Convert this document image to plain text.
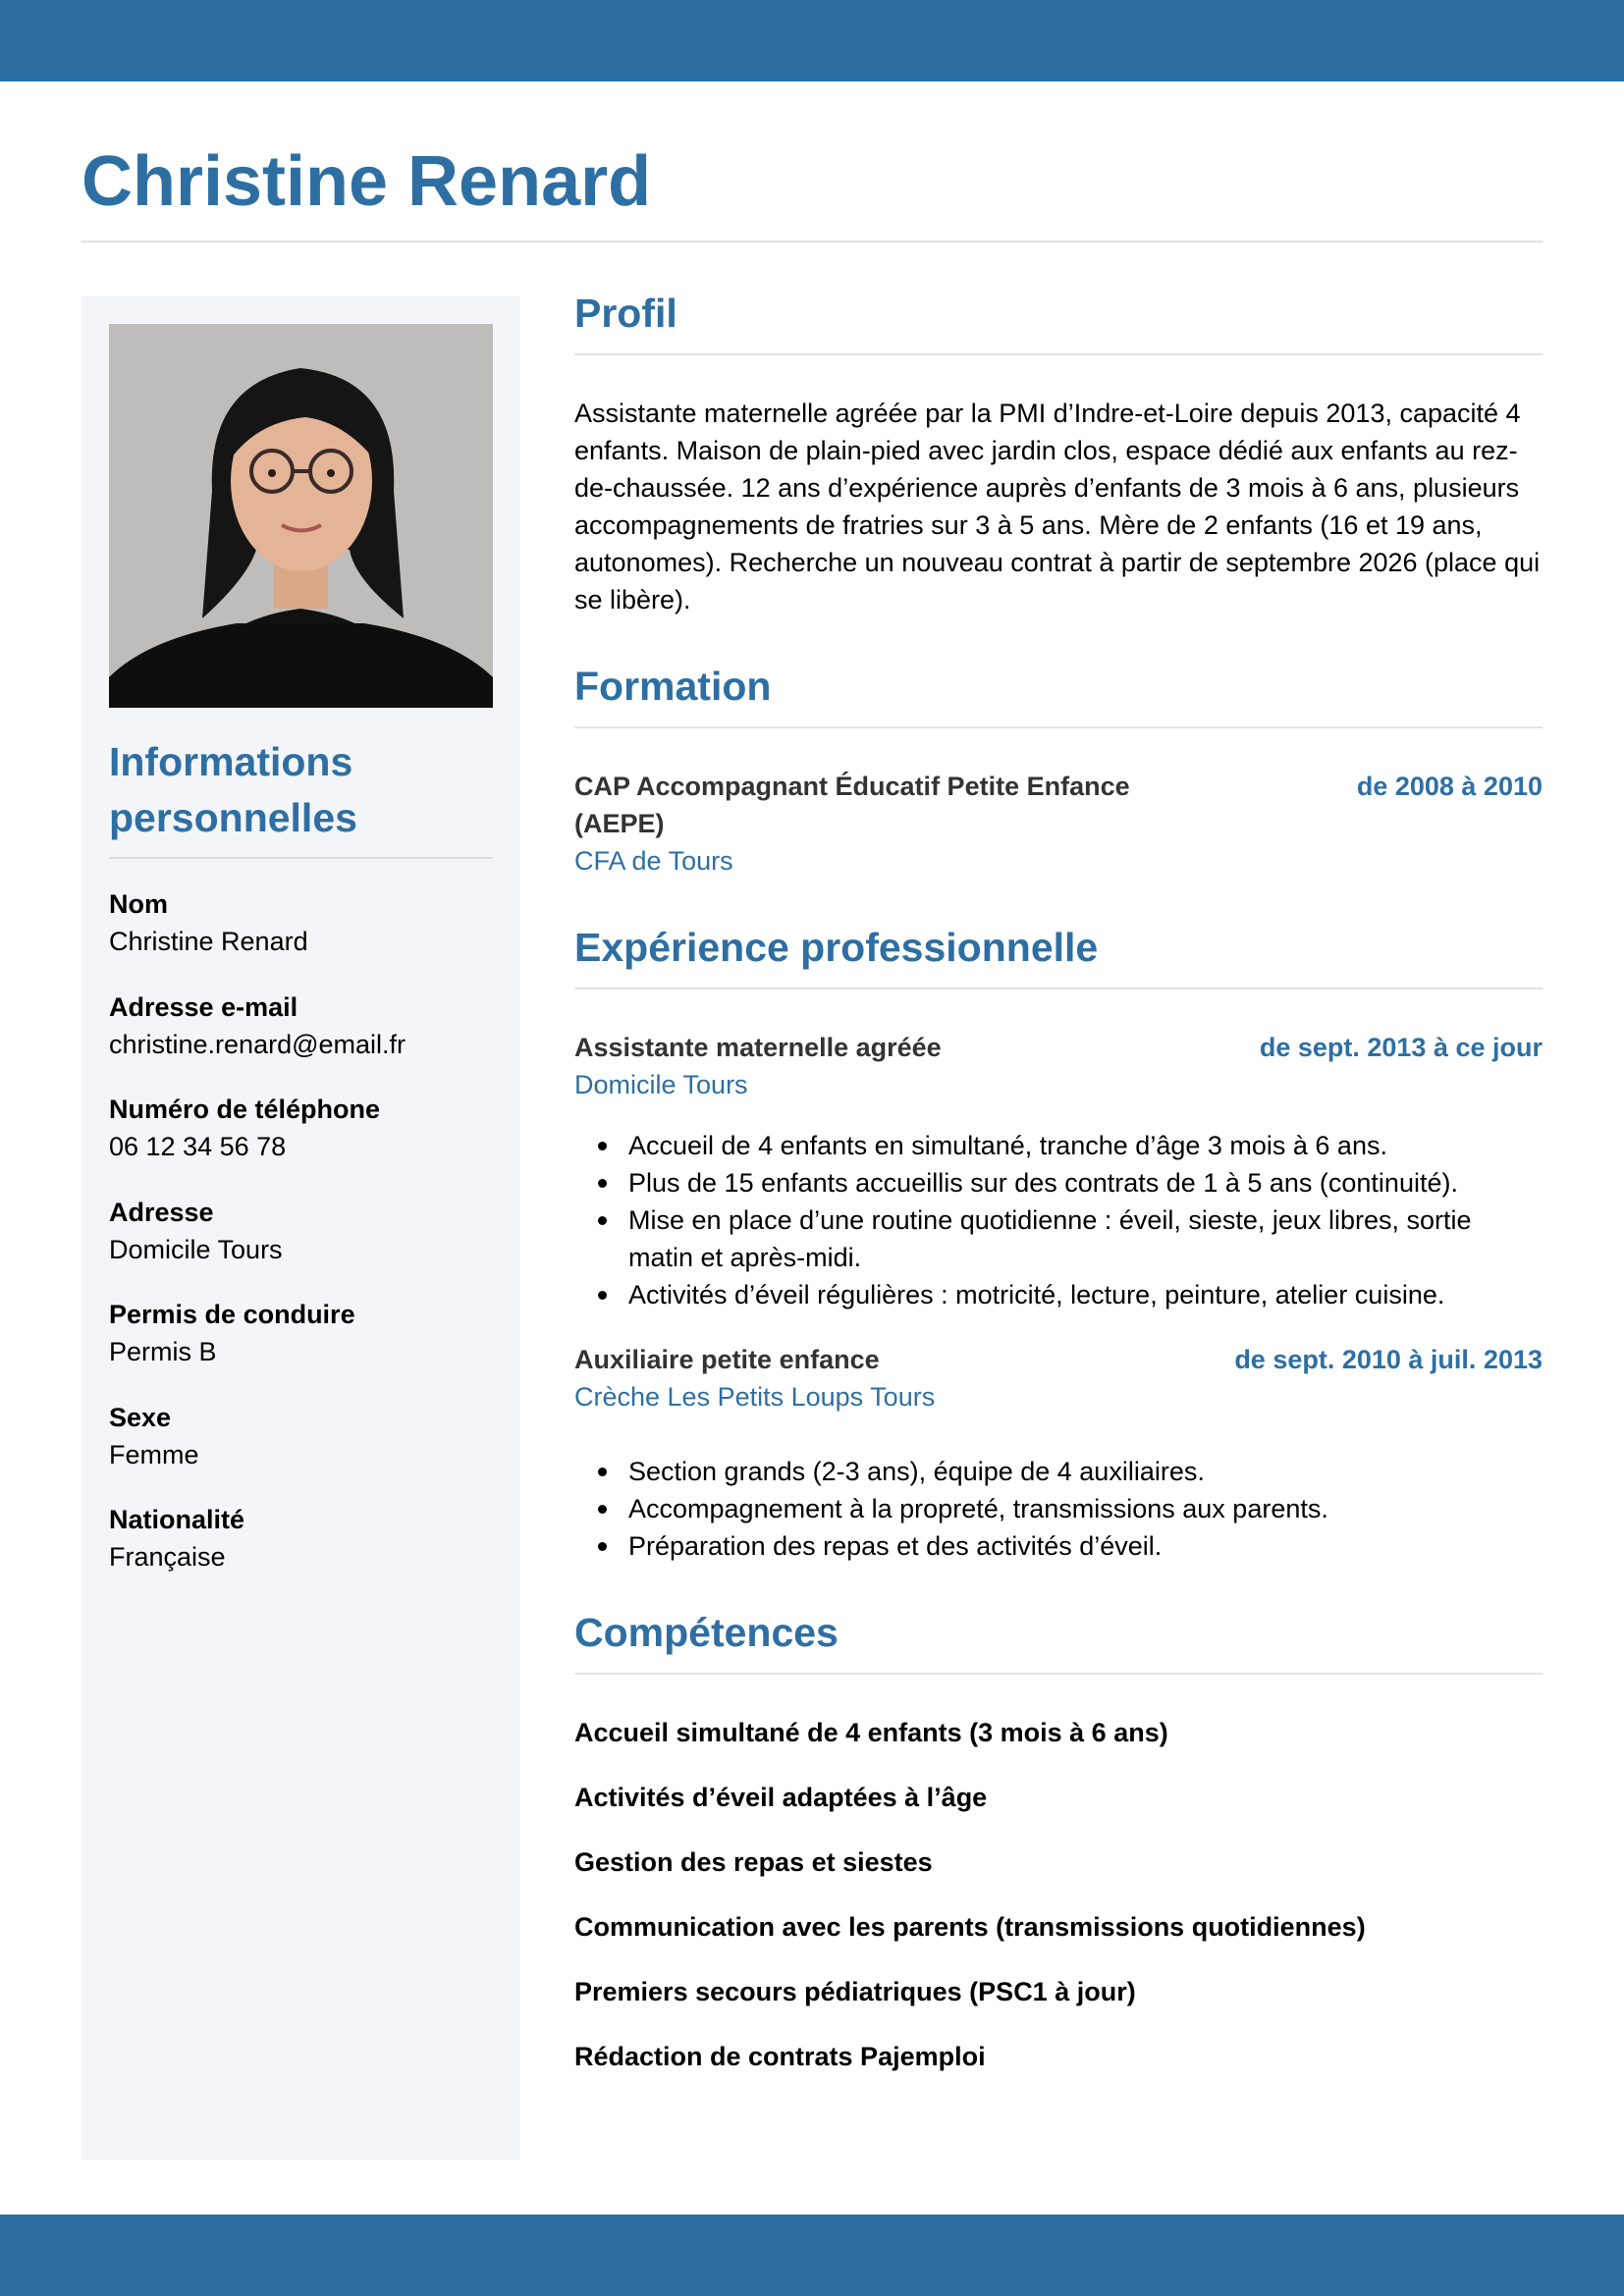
Christine Renard
Informations personnelles
Nom
Christine Renard
Adresse e-mail
christine.renard@email.fr
Numéro de téléphone
06 12 34 56 78
Adresse
Domicile Tours
Permis de conduire
Permis B
Sexe
Femme
Nationalité
Française
Profil

Assistante maternelle agréée par la PMI d’Indre-et-Loire depuis 2013, capacité 4 enfants. Maison de plain-pied avec jardin clos, espace dédié aux enfants au rez-de-chaussée. 12 ans d’expérience auprès d’enfants de 3 mois à 6 ans, plusieurs accompagnements de fratries sur 3 à 5 ans. Mère de 2 enfants (16 et 19 ans, autonomes). Recherche un nouveau contrat à partir de septembre 2026 (place qui se libère).

Formation
CAP Accompagnant Éducatif Petite Enfance (AEPE)
de 2008 à 2010
CFA de Tours
Expérience professionnelle
Assistante maternelle agréée	de sept. 2013 à ce jour
Domicile Tours
Accueil de 4 enfants en simultané, tranche d’âge 3 mois à 6 ans.
Plus de 15 enfants accueillis sur des contrats de 1 à 5 ans (continuité).
Mise en place d’une routine quotidienne : éveil, sieste, jeux libres, sortie matin et après-midi.
Activités d’éveil régulières : motricité, lecture, peinture, atelier cuisine.
Auxiliaire petite enfance	de sept. 2010 à juil. 2013
Crèche Les Petits Loups Tours
Section grands (2-3 ans), équipe de 4 auxiliaires.
Accompagnement à la propreté, transmissions aux parents.
Préparation des repas et des activités d’éveil.
Compétences
Accueil simultané de 4 enfants (3 mois à 6 ans)
Activités d’éveil adaptées à l’âge
Gestion des repas et siestes
Communication avec les parents (transmissions quotidiennes)
Premiers secours pédiatriques (PSC1 à jour)
Rédaction de contrats Pajemploi
